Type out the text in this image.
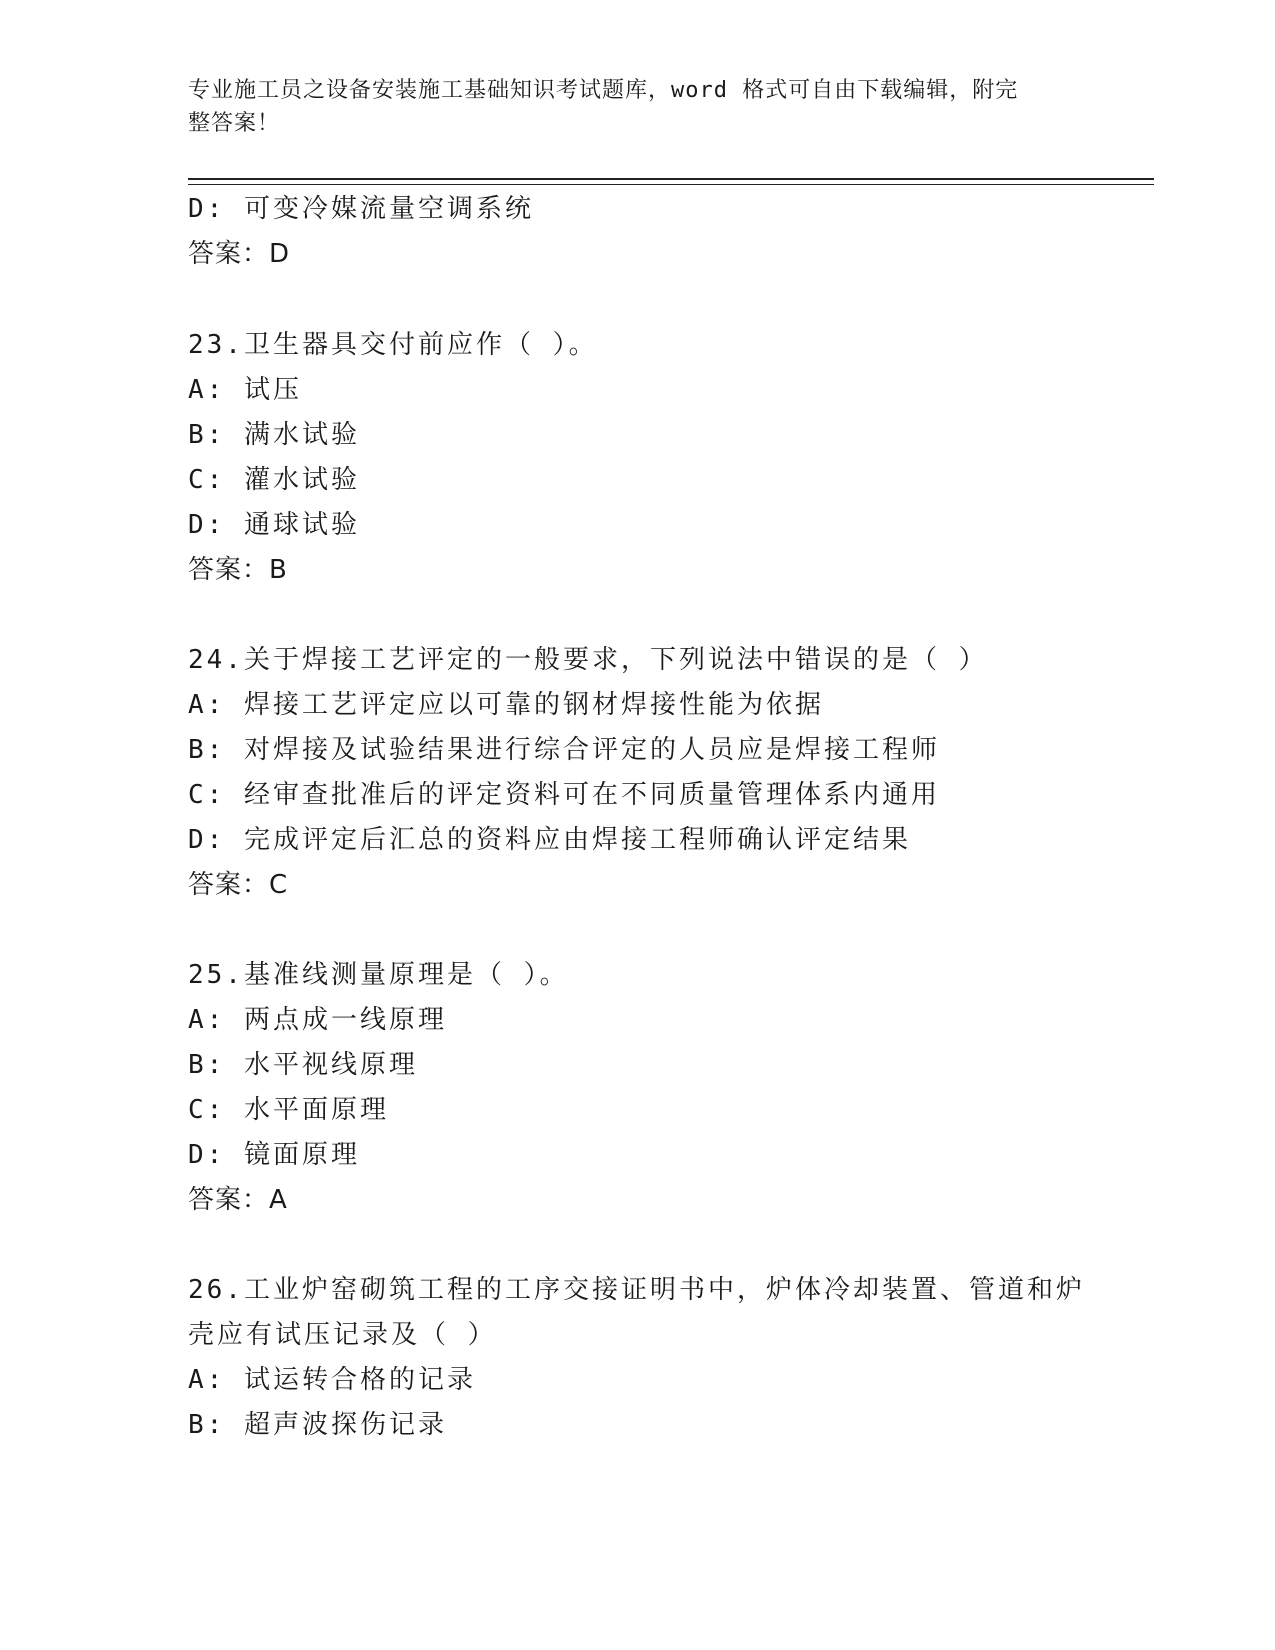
专业施工员之设备安装施工基础知识考试题库，word 格式可自由下载编辑，附完
整答案！
D: 可变冷媒流量空调系统
答案：D
23.卫生器具交付前应作（ ）。
A: 试压
B: 满水试验
C: 灌水试验
D: 通球试验
答案：B
24.关于焊接工艺评定的一般要求，下列说法中错误的是（ ）
A: 焊接工艺评定应以可靠的钢材焊接性能为依据
B: 对焊接及试验结果进行综合评定的人员应是焊接工程师
C: 经审查批准后的评定资料可在不同质量管理体系内通用
D: 完成评定后汇总的资料应由焊接工程师确认评定结果
答案：C
25.基准线测量原理是（ ）。
A: 两点成一线原理
B: 水平视线原理
C: 水平面原理
D: 镜面原理
答案：A
26.工业炉窑砌筑工程的工序交接证明书中，炉体冷却装置、管道和炉
壳应有试压记录及（ ）
A: 试运转合格的记录
B: 超声波探伤记录
